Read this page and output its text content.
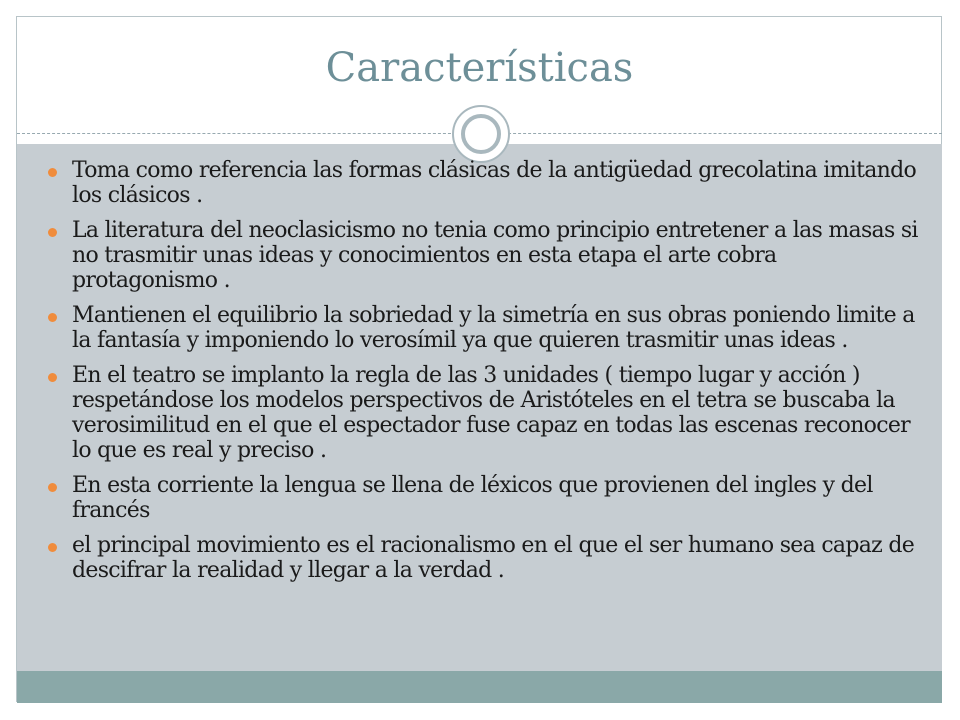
Características
Toma como referencia las formas clásicas de la antigüedad grecolatina imitando los clásicos .
La literatura del neoclasicismo no tenia como principio entretener a las masas si no trasmitir unas ideas y conocimientos en esta etapa el arte cobra protagonismo .
Mantienen el equilibrio la sobriedad y la simetría en sus obras poniendo limite a la fantasía y imponiendo lo verosímil ya que quieren trasmitir unas ideas .
En el teatro se implanto la regla de las 3 unidades ( tiempo lugar y acción ) respetándose los modelos perspectivos de Aristóteles en el tetra se buscaba la verosimilitud en el que el espectador fuse capaz en todas las escenas reconocer lo que es real y preciso .
En esta corriente la lengua se llena de léxicos que provienen del ingles y del francés
el principal movimiento es el racionalismo en el que el ser humano sea capaz de descifrar la realidad y llegar a la verdad .
